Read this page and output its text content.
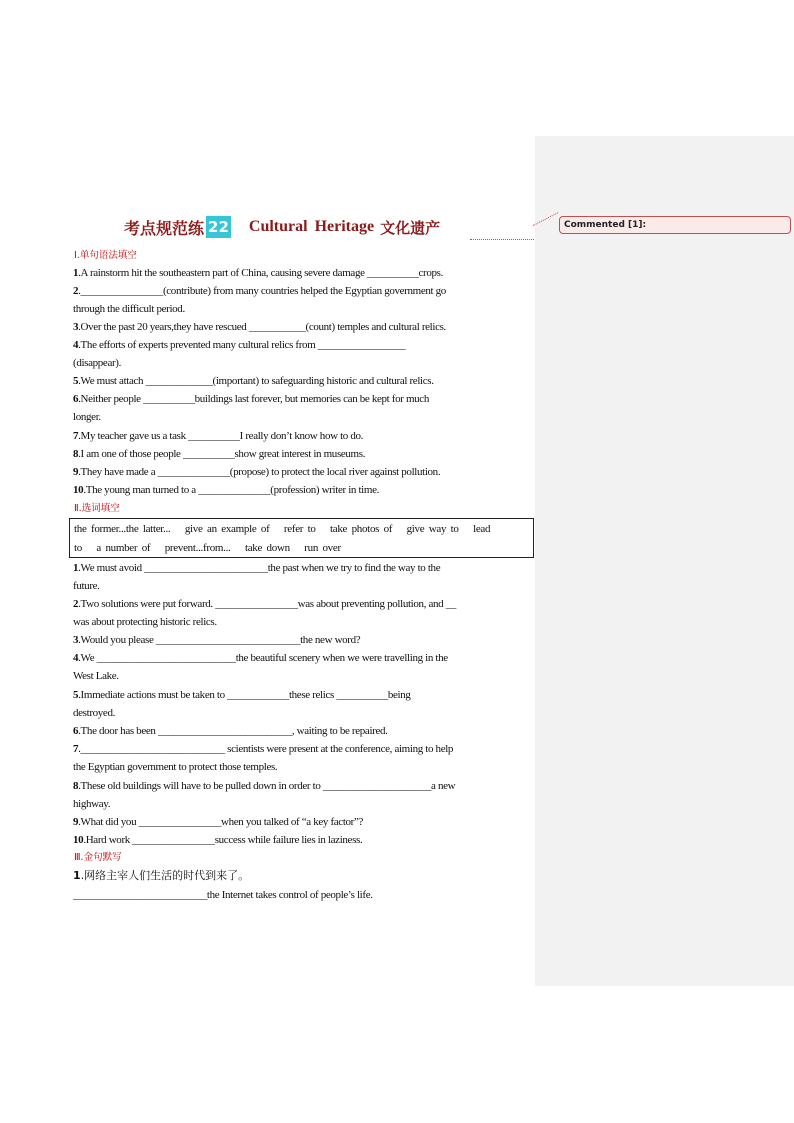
考点规范练 22 Cultural Heritage 文化遗产
Ⅰ.单句语法填空
1.A rainstorm hit the southeastern part of China, causing severe damage __________crops.
2.________________(contribute) from many countries helped the Egyptian government go
through the difficult period.
3.Over the past 20 years,they have rescued ___________(count) temples and cultural relics.
4.The efforts of experts prevented many cultural relics from _________________
(disappear).
5.We must attach _____________(important) to safeguarding historic and cultural relics.
6.Neither people __________buildings last forever, but memories can be kept for much
longer.
7.My teacher gave us a task __________I really don’t know how to do.
8.I am one of those people __________show great interest in museums.
9.They have made a ______________(propose) to protect the local river against pollution.
10.The young man turned to a ______________(profession) writer in time.
Ⅱ.选词填空
the former...the latter... give an example of refer to take photos of give way to lead
to a number of prevent...from... take down run over
1.We must avoid ________________________the past when we try to find the way to the
future.
2.Two solutions were put forward. ________________was about preventing pollution, and __
was about protecting historic relics.
3.Would you please ____________________________the new word?
4.We ___________________________the beautiful scenery when we were travelling in the
West Lake.
5.Immediate actions must be taken to ____________these relics __________being
destroyed.
6.The door has been __________________________, waiting to be repaired.
7.____________________________ scientists were present at the conference, aiming to help
the Egyptian government to protect those temples.
8.These old buildings will have to be pulled down in order to _____________________a new
highway.
9.What did you ________________when you talked of “a key factor”?
10.Hard work ________________success while failure lies in laziness.
Ⅲ.金句默写
1.网络主宰人们生活的时代到来了。
__________________________the Internet takes control of people’s life.
Commented [1]:
